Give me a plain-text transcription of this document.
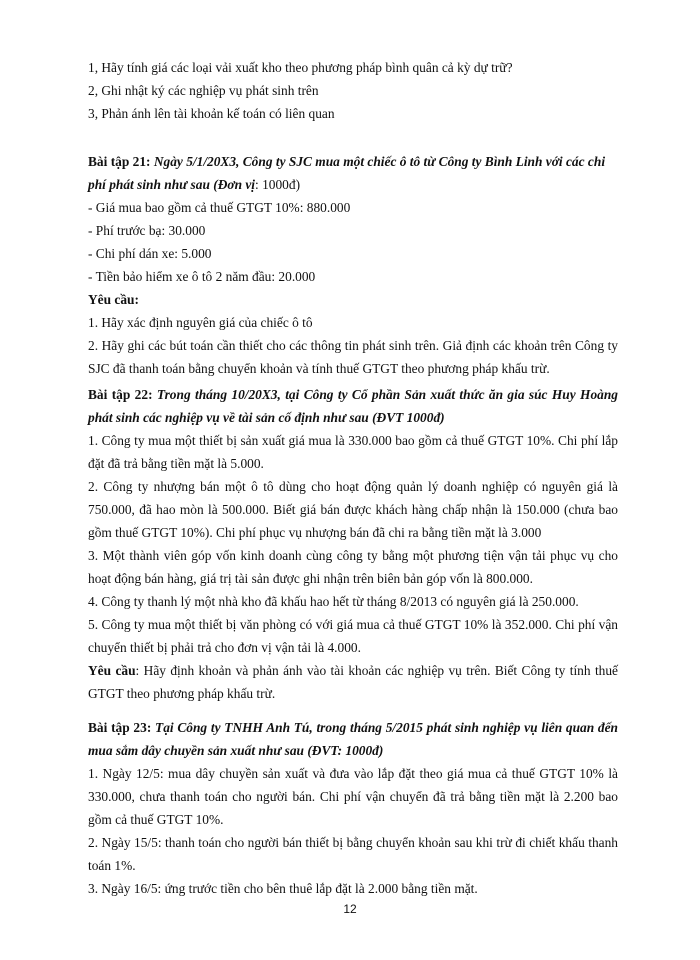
1, Hãy tính giá các loại vải xuất kho theo phương pháp bình quân cả kỳ dự trữ?
2, Ghi nhật ký các nghiệp vụ phát sinh trên
3, Phản ánh lên tài khoản kế toán có liên quan
Bài tập 21: Ngày 5/1/20X3, Công ty SJC mua một chiếc ô tô từ Công ty Bình Linh với các chi
phí phát sinh như sau (Đơn vị: 1000đ)
- Giá mua bao gồm cả thuế GTGT 10%: 880.000
- Phí trước bạ: 30.000
- Chi phí dán xe: 5.000
- Tiền bảo hiểm xe ô tô 2 năm đầu: 20.000
Yêu cầu:
1. Hãy xác định nguyên giá của chiếc ô tô
2. Hãy ghi các bút toán cần thiết cho các thông tin phát sinh trên. Giả định các khoản trên Công ty SJC đã thanh toán bằng chuyển khoản và tính thuế GTGT theo phương pháp khấu trừ.
Bài tập 22: Trong tháng 10/20X3, tại Công ty Cổ phần Sản xuất thức ăn gia súc Huy Hoàng phát sinh các nghiệp vụ về tài sản cố định như sau (ĐVT 1000đ)
1. Công ty mua một thiết bị sản xuất giá mua là 330.000 bao gồm cả thuế GTGT 10%. Chi phí lắp đặt đã trả bằng tiền mặt là 5.000.
2. Công ty nhượng bán một ô tô dùng cho hoạt động quản lý doanh nghiệp có nguyên giá là 750.000, đã hao mòn là 500.000. Biết giá bán được khách hàng chấp nhận là 150.000 (chưa bao gồm thuế GTGT 10%). Chi phí phục vụ nhượng bán đã chi ra bằng tiền mặt là 3.000
3. Một thành viên góp vốn kinh doanh cùng công ty bằng một phương tiện vận tải phục vụ cho hoạt động bán hàng, giá trị tài sản được ghi nhận trên biên bản góp vốn là 800.000.
4. Công ty thanh lý một nhà kho đã khấu hao hết từ tháng 8/2013 có nguyên giá là 250.000.
5. Công ty mua một thiết bị văn phòng có với giá mua cả thuế GTGT 10% là 352.000. Chi phí vận chuyển thiết bị phải trả cho đơn vị vận tải là 4.000.
Yêu cầu: Hãy định khoản và phản ánh vào tài khoản các nghiệp vụ trên. Biết Công ty tính thuế GTGT theo phương pháp khấu trừ.
Bài tập 23: Tại Công ty TNHH Anh Tú, trong tháng 5/2015 phát sinh nghiệp vụ liên quan đến mua sắm dây chuyền sản xuất như sau (ĐVT: 1000đ)
1. Ngày 12/5: mua dây chuyền sản xuất và đưa vào lắp đặt theo giá mua cả thuế GTGT 10% là 330.000, chưa thanh toán cho người bán. Chi phí vận chuyển đã trả bằng tiền mặt là 2.200 bao gồm cả thuế GTGT 10%.
2. Ngày 15/5: thanh toán cho người bán thiết bị bằng chuyển khoản sau khi trừ đi chiết khấu thanh toán 1%.
3. Ngày 16/5: ứng trước tiền cho bên thuê lắp đặt là 2.000 bằng tiền mặt.
12
